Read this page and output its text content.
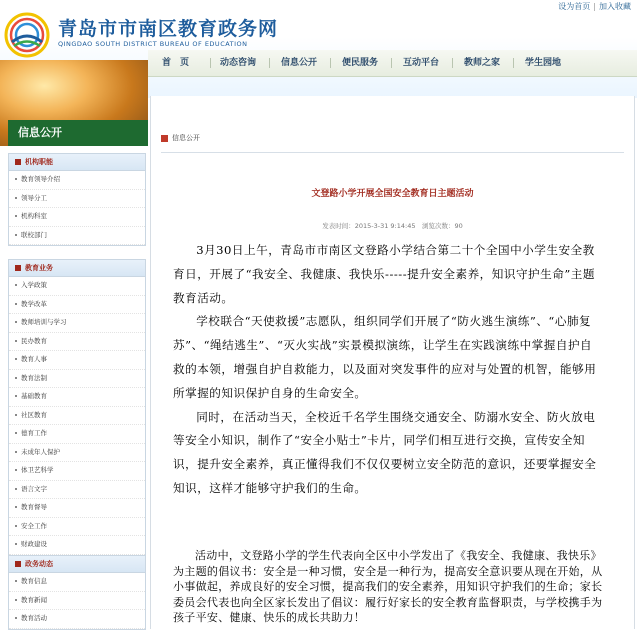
青岛市市南区教育政务网
QINGDAO SOUTH DISTRICT BUREAU OF EDUCATION
设为首页 | 加入收藏
首　页	动态咨询	信息公开	便民服务	互动平台	教师之家	学生园地
信息公开
机构职能
教育领导介绍
领导分工
机构科室
联校部门
教育业务
入学政策
教学改革
教师培训与学习
民办教育
教育人事
教育法制
基础教育
社区教育
德育工作
未成年人保护
体卫艺科学
语言文字
教育督导
安全工作
财政建设
政务动态
教育信息
教育新闻
教育活动
信息公开
文登路小学开展全国安全教育日主题活动
发表时间：2015-3-31 9:14:45　浏览次数：90

3月30日上午，青岛市市南区文登路小学结合第二十个全国中小学生安全教育日，开展了“我安全、我健康、我快乐-----提升安全素养，知识守护生命”主题教育活动。

学校联合“天使救援”志愿队，组织同学们开展了“防火逃生演练”、“心肺复苏”、“绳结逃生”、“灭火实战”实景模拟演练，让学生在实践演练中掌握自护自救的本领，增强自护自救能力，以及面对突发事件的应对与处置的机智，能够用所掌握的知识保护自身的生命安全。

同时，在活动当天，全校近千名学生围绕交通安全、防溺水安全、防火放电等安全小知识，制作了“安全小贴士”卡片，同学们相互进行交换，宣传安全知识，提升安全素养，真正懂得我们不仅仅要树立安全防范的意识，还要掌握安全知识，这样才能够守护我们的生命。

活动中，文登路小学的学生代表向全区中小学发出了《我安全、我健康、我快乐》为主题的倡议书：安全是一种习惯，安全是一种行为，提高安全意识要从现在开始，从小事做起，养成良好的安全习惯，提高我们的安全素养，用知识守护我们的生命；家长委员会代表也向全区家长发出了倡议：履行好家长的安全教育监督职责，与学校携手为孩子平安、健康、快乐的成长共助力！
